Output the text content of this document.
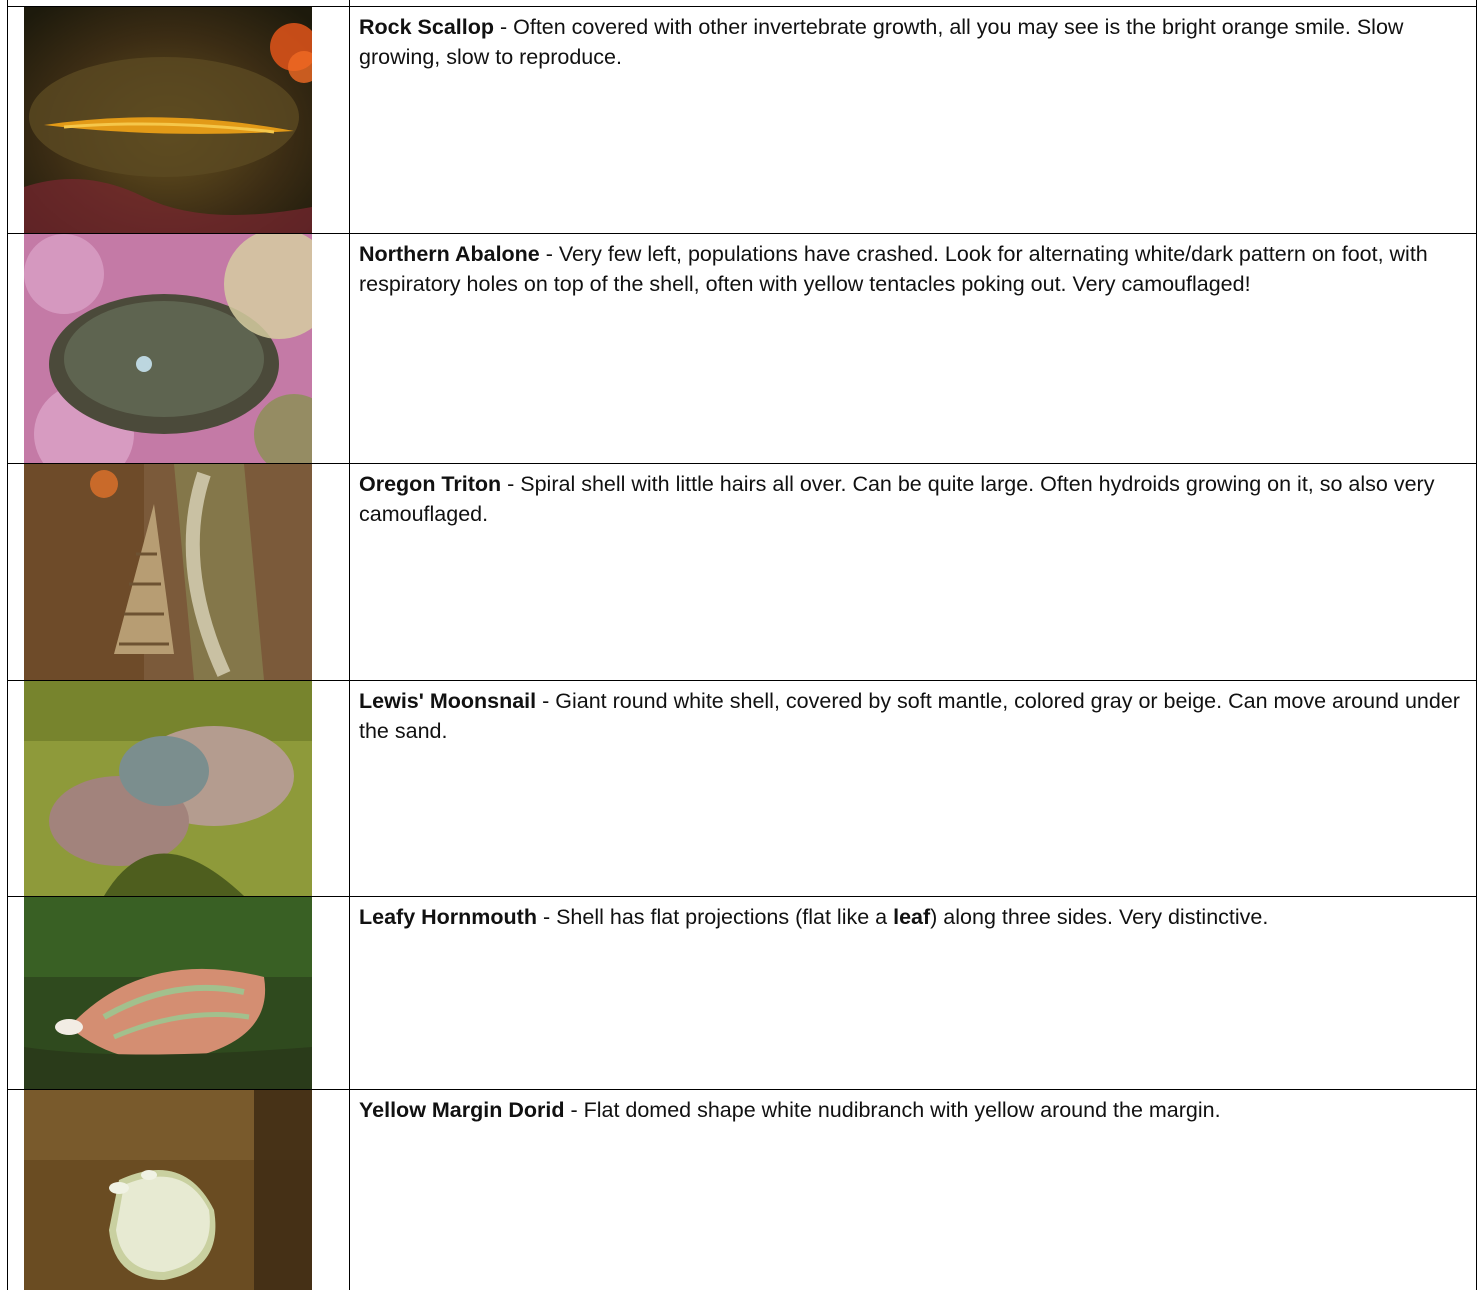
Rock Scallop - Often covered with other invertebrate growth, all you may see is the bright orange smile. Slow growing, slow to reproduce.
Northern Abalone - Very few left, populations have crashed. Look for alternating white/dark pattern on foot, with respiratory holes on top of the shell, often with yellow tentacles poking out. Very camouflaged!
Oregon Triton - Spiral shell with little hairs all over. Can be quite large. Often hydroids growing on it, so also very camouflaged.
Lewis' Moonsnail - Giant round white shell, covered by soft mantle, colored gray or beige. Can move around under the sand.
Leafy Hornmouth - Shell has flat projections (flat like a leaf) along three sides. Very distinctive.
Yellow Margin Dorid - Flat domed shape white nudibranch with yellow around the margin.
